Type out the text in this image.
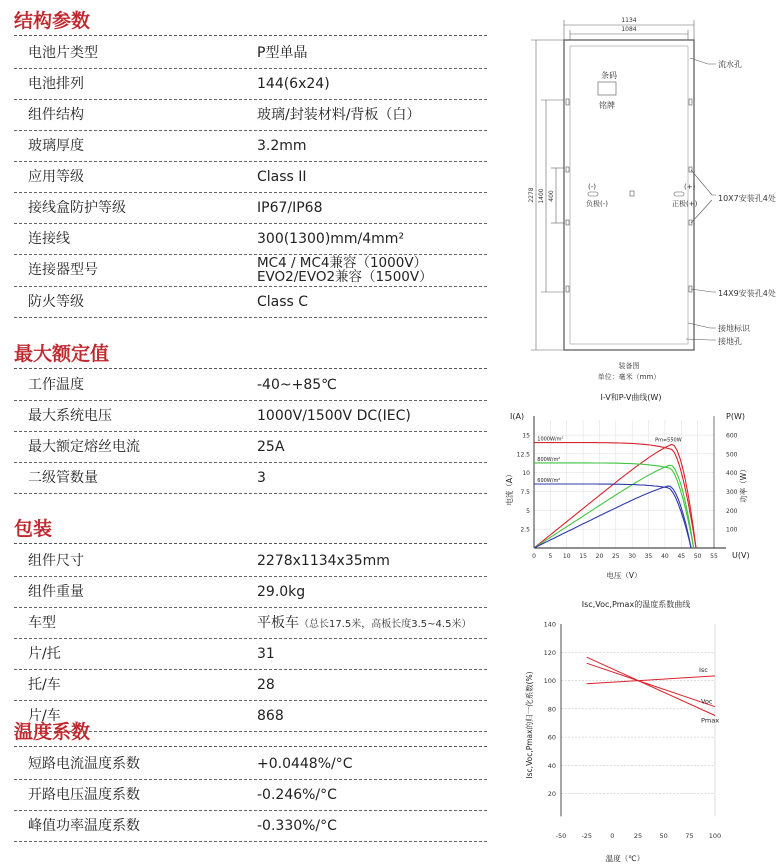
结构参数
电池片类型	P型单晶
电池排列	144(6x24)
组件结构	玻璃/封装材料/背板（白）
玻璃厚度	3.2mm
应用等级	Class II
接线盒防护等级	IP67/IP68
连接线	300(1300)mm/4mm²
连接器型号	MC4 / MC4兼容（1000V）
EVO2/EVO2兼容（1500V）
防火等级	Class C
最大额定值
工作温度	-40~+85℃
最大系统电压	1000V/1500V DC(IEC)
最大额定熔丝电流	25A
二级管数量	3
包装
组件尺寸	2278x1134x35mm
组件重量	29.0kg
车型	平板车（总长17.5米，高板长度3.5~4.5米）
片/托	31
托/车	28
片/车	868
温度系数
短路电流温度系数	+0.0448%/°C
开路电压温度系数	-0.246%/°C
峰值功率温度系数	-0.330%/°C
1134
1084
2278 1400 400
条码
铭牌
(-)
负极(-)
(+)
正极(+)
流水孔
10X7安装孔4处
14X9安装孔4处
接地标识
接地孔
装备图
单位：毫米（mm）
I-V和P-V曲线(W)
I(A)	P(W)
U(V)
2.5
5
7.5
10
12.5
15
100
200
300
400
500
600
0 5 10 15 20 25 30 35 40 45 50 55
电压（V）
电流（A）	功率（W）
1000W/m²
800W/m²
600W/m²
Pm=550W
Isc,Voc,Pmax的温度系数曲线
20
40
60
80
100
120
140
-50 -25	0	25	50	75 100
温度（℃）
Isc,Voc,Pmax的归一化系数(%)
Isc
Voc
Pmax
